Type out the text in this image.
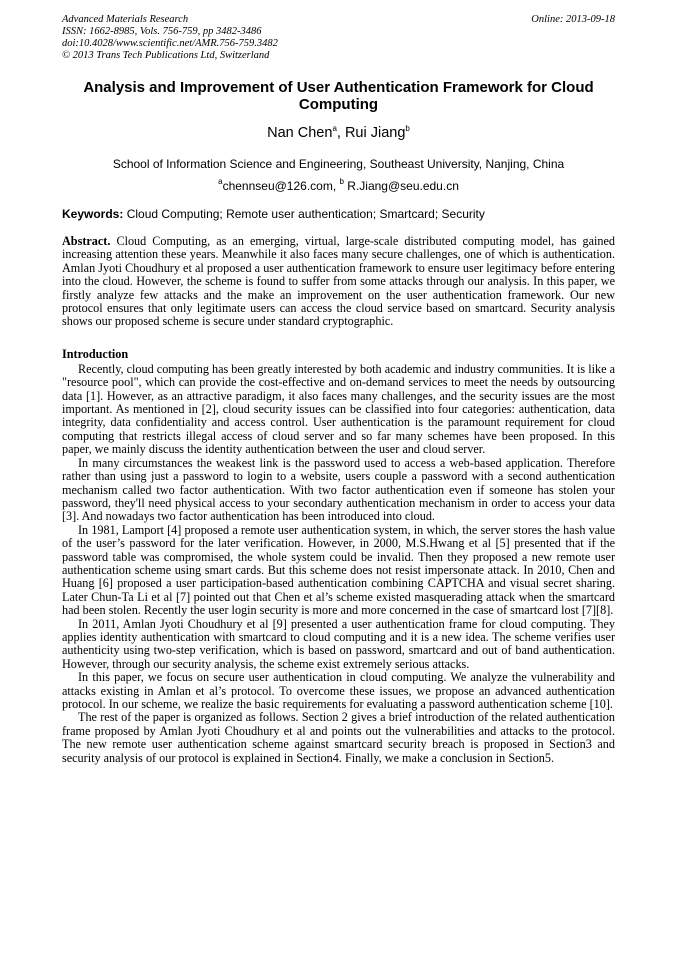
Advanced Materials Research
ISSN: 1662-8985, Vols. 756-759, pp 3482-3486
doi:10.4028/www.scientific.net/AMR.756-759.3482
© 2013 Trans Tech Publications Ltd, Switzerland
Online: 2013-09-18
Analysis and Improvement of User Authentication Framework for Cloud Computing
Nan Chen$^a$, Rui Jiang$^b$
School of Information Science and Engineering, Southeast University, Nanjing, China
$^a$chennseu@126.com, $^b$ R.Jiang@seu.edu.cn
Keywords: Cloud Computing; Remote user authentication; Smartcard; Security
Abstract. Cloud Computing, as an emerging, virtual, large-scale distributed computing model, has gained increasing attention these years. Meanwhile it also faces many secure challenges, one of which is authentication. Amlan Jyoti Choudhury et al proposed a user authentication framework to ensure user legitimacy before entering into the cloud. However, the scheme is found to suffer from some attacks through our analysis. In this paper, we firstly analyze few attacks and the make an improvement on the user authentication framework. Our new protocol ensures that only legitimate users can access the cloud service based on smartcard. Security analysis shows our proposed scheme is secure under standard cryptographic.
Introduction

Recently, cloud computing has been greatly interested by both academic and industry communities. It is like a "resource pool", which can provide the cost-effective and on-demand services to meet the needs by outsourcing data [1]. However, as an attractive paradigm, it also faces many challenges, and the security issues are the most important. As mentioned in [2], cloud security issues can be classified into four categories: authentication, data integrity, data confidentiality and access control. User authentication is the paramount requirement for cloud computing that restricts illegal access of cloud server and so far many schemes have been proposed. In this paper, we mainly discuss the identity authentication between the user and cloud server.

In many circumstances the weakest link is the password used to access a web-based application. Therefore rather than using just a password to login to a website, users couple a password with a second authentication mechanism called two factor authentication. With two factor authentication even if someone has stolen your password, they'll need physical access to your secondary authentication mechanism in order to access your data [3]. And nowadays two factor authentication has been introduced into cloud.

In 1981, Lamport [4] proposed a remote user authentication system, in which, the server stores the hash value of the user’s password for the later verification. However, in 2000, M.S.Hwang et al [5] presented that if the password table was compromised, the whole system could be invalid. Then they proposed a new remote user authentication scheme using smart cards. But this scheme does not resist impersonate attack. In 2010, Chen and Huang [6] proposed a user participation-based authentication combining CAPTCHA and visual secret sharing. Later Chun-Ta Li et al [7] pointed out that Chen et al’s scheme existed masquerading attack when the smartcard had been stolen. Recently the user login security is more and more concerned in the case of smartcard lost [7][8].

In 2011, Amlan Jyoti Choudhury et al [9] presented a user authentication frame for cloud computing. They applies identity authentication with smartcard to cloud computing and it is a new idea. The scheme verifies user authenticity using two-step verification, which is based on password, smartcard and out of band authentication. However, through our security analysis, the scheme exist extremely serious attacks.

In this paper, we focus on secure user authentication in cloud computing. We analyze the vulnerability and attacks existing in Amlan et al’s protocol. To overcome these issues, we propose an advanced authentication protocol. In our scheme, we realize the basic requirements for evaluating a password authentication scheme [10].

The rest of the paper is organized as follows. Section 2 gives a brief introduction of the related authentication frame proposed by Amlan Jyoti Choudhury et al and points out the vulnerabilities and attacks to the protocol. The new remote user authentication scheme against smartcard security breach is proposed in Section3 and security analysis of our protocol is explained in Section4. Finally, we make a conclusion in Section5.
